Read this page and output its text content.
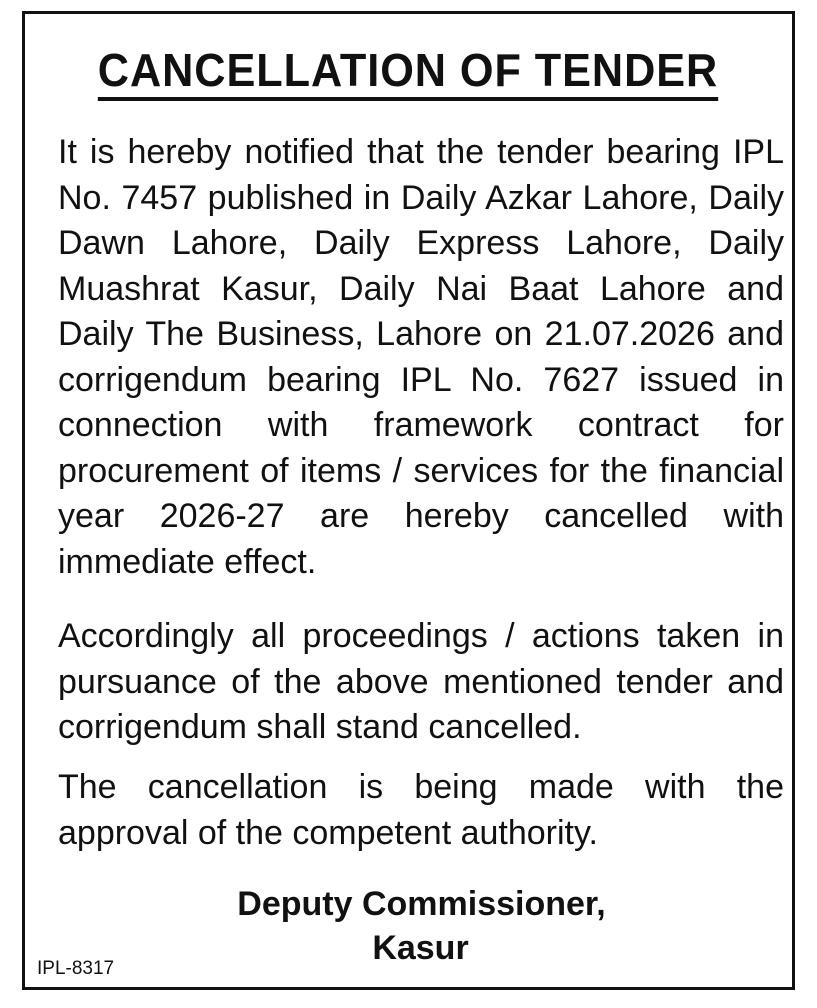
CANCELLATION OF TENDER

It is hereby notified that the tender bearing IPL No. 7457 published in Daily Azkar Lahore, Daily Dawn Lahore, Daily Express Lahore, Daily Muashrat Kasur, Daily Nai Baat Lahore and Daily The Business, Lahore on 21.07.2026 and corrigendum bearing IPL No. 7627 issued in connection with framework contract for procurement of items / services for the financial year 2026-27 are hereby cancelled with immediate effect.

Accordingly all proceedings / actions taken in pursuance of the above mentioned tender and corrigendum shall stand cancelled.

The cancellation is being made with the approval of the competent authority.

Deputy Commissioner,

Kasur

IPL-8317
